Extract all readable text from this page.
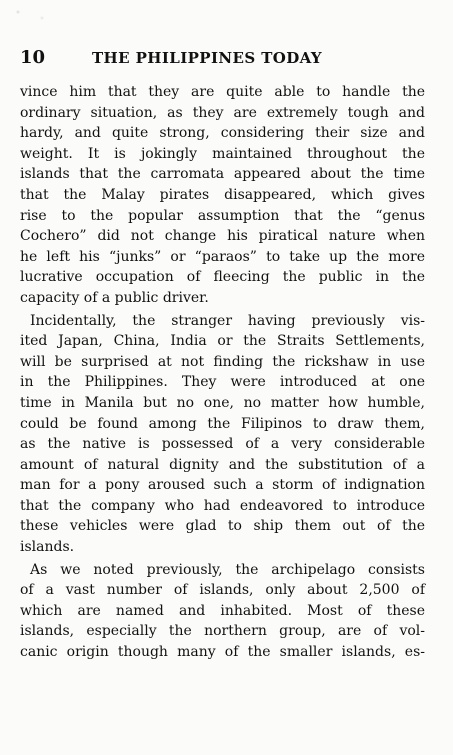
10	THE PHILIPPINES TODAY
vince him that they are quite able to handle the
ordinary situation, as they are extremely tough and
hardy, and quite strong, considering their size and
weight. It is jokingly maintained throughout the
islands that the carromata appeared about the time
that the Malay pirates disappeared, which gives
rise to the popular assumption that the “genus
Cochero” did not change his piratical nature when
he left his “junks” or “paraos” to take up the more
lucrative occupation of fleecing the public in the
capacity of a public driver.
Incidentally, the stranger having previously vis-
ited Japan, China, India or the Straits Settlements,
will be surprised at not finding the rickshaw in use
in the Philippines. They were introduced at one
time in Manila but no one, no matter how humble,
could be found among the Filipinos to draw them,
as the native is possessed of a very considerable
amount of natural dignity and the substitution of a
man for a pony aroused such a storm of indignation
that the company who had endeavored to introduce
these vehicles were glad to ship them out of the
islands.
As we noted previously, the archipelago consists
of a vast number of islands, only about 2,500 of
which are named and inhabited. Most of these
islands, especially the northern group, are of vol-
canic origin though many of the smaller islands, es-
